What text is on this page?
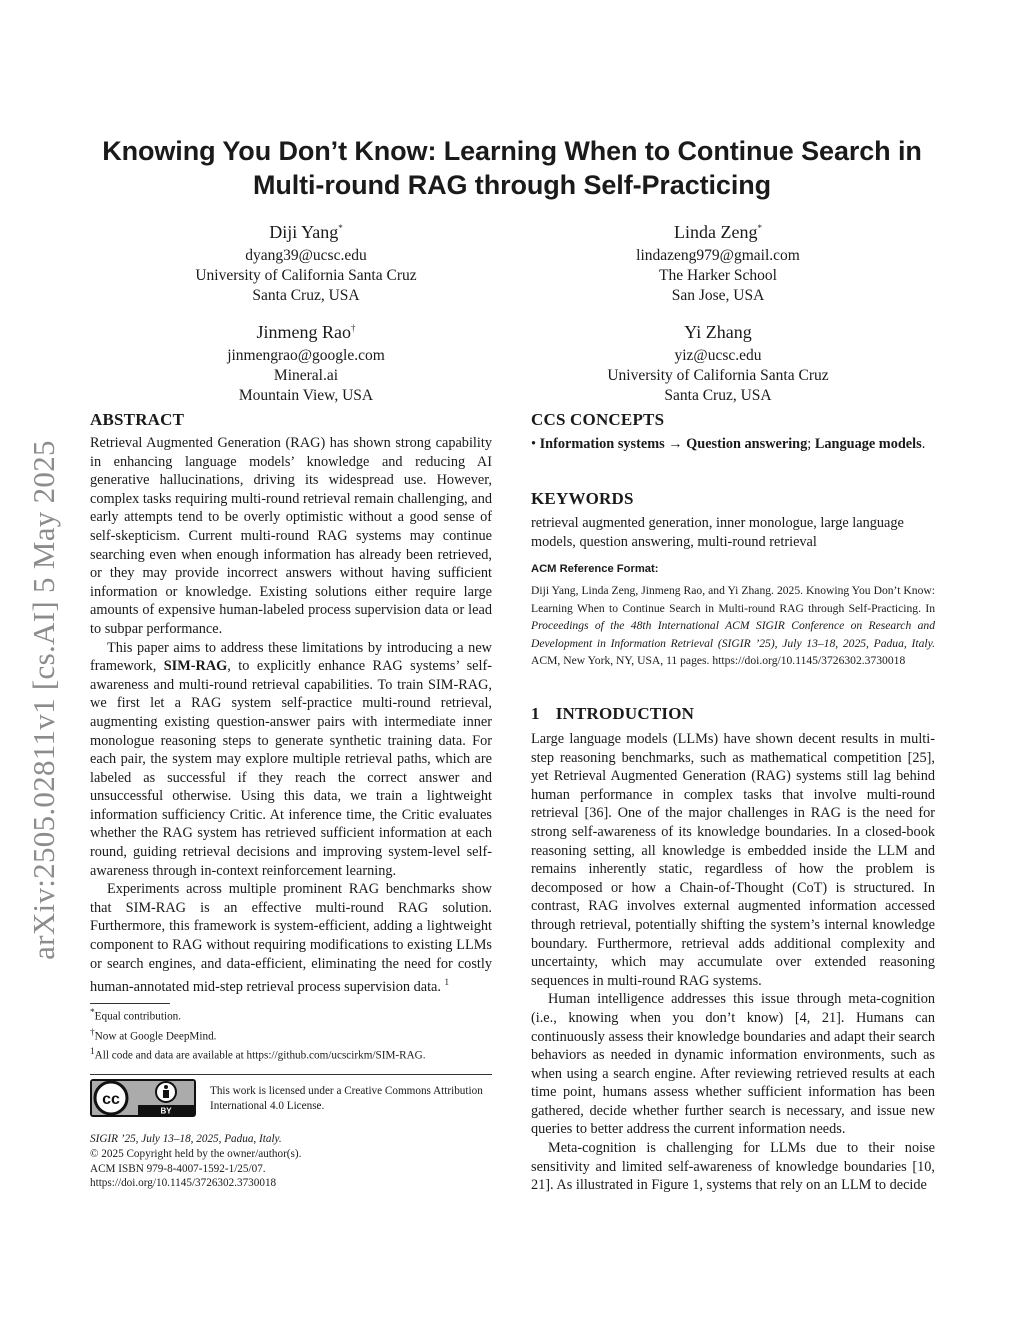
arXiv:2505.02811v1 [cs.AI] 5 May 2025
Knowing You Don’t Know: Learning When to Continue Search in Multi-round RAG through Self-Practicing
Diji Yang*
dyang39@ucsc.edu
University of California Santa Cruz
Santa Cruz, USA
Linda Zeng*
lindazeng979@gmail.com
The Harker School
San Jose, USA
Jinmeng Rao†
jinmengrao@google.com
Mineral.ai
Mountain View, USA
Yi Zhang
yiz@ucsc.edu
University of California Santa Cruz
Santa Cruz, USA
ABSTRACT

Retrieval Augmented Generation (RAG) has shown strong capability in enhancing language models’ knowledge and reducing AI generative hallucinations, driving its widespread use. However, complex tasks requiring multi-round retrieval remain challenging, and early attempts tend to be overly optimistic without a good sense of self-skepticism. Current multi-round RAG systems may continue searching even when enough information has already been retrieved, or they may provide incorrect answers without having sufficient information or knowledge. Existing solutions either require large amounts of expensive human-labeled process supervision data or lead to subpar performance.

This paper aims to address these limitations by introducing a new framework, SIM-RAG, to explicitly enhance RAG systems’ self-awareness and multi-round retrieval capabilities. To train SIM-RAG, we first let a RAG system self-practice multi-round retrieval, augmenting existing question-answer pairs with intermediate inner monologue reasoning steps to generate synthetic training data. For each pair, the system may explore multiple retrieval paths, which are labeled as successful if they reach the correct answer and unsuccessful otherwise. Using this data, we train a lightweight information sufficiency Critic. At inference time, the Critic evaluates whether the RAG system has retrieved sufficient information at each round, guiding retrieval decisions and improving system-level self-awareness through in-context reinforcement learning.

Experiments across multiple prominent RAG benchmarks show that SIM-RAG is an effective multi-round RAG solution. Furthermore, this framework is system-efficient, adding a lightweight component to RAG without requiring modifications to existing LLMs or search engines, and data-efficient, eliminating the need for costly human-annotated mid-step retrieval process supervision data. $^1$

*Equal contribution.
†Now at Google DeepMind.
$^1$All code and data are available at https://github.com/ucscirkm/SIM-RAG.
cc
BY
This work is licensed under a Creative Commons Attribution International 4.0 License.
SIGIR ’25, July 13–18, 2025, Padua, Italy.
© 2025 Copyright held by the owner/author(s).
ACM ISBN 979-8-4007-1592-1/25/07.
https://doi.org/10.1145/3726302.3730018
CCS CONCEPTS

• Information systems → Question answering; Language models.

KEYWORDS
retrieval augmented generation, inner monologue, large language models, question answering, multi-round retrieval
ACM Reference Format:
Diji Yang, Linda Zeng, Jinmeng Rao, and Yi Zhang. 2025. Knowing You Don’t Know: Learning When to Continue Search in Multi-round RAG through Self-Practicing. In Proceedings of the 48th International ACM SIGIR Conference on Research and Development in Information Retrieval (SIGIR ’25), July 13–18, 2025, Padua, Italy. ACM, New York, NY, USA, 11 pages. https://doi.org/10.1145/3726302.3730018
1 INTRODUCTION

Large language models (LLMs) have shown decent results in multi-step reasoning benchmarks, such as mathematical competition [25], yet Retrieval Augmented Generation (RAG) systems still lag behind human performance in complex tasks that involve multi-round retrieval [36]. One of the major challenges in RAG is the need for strong self-awareness of its knowledge boundaries. In a closed-book reasoning setting, all knowledge is embedded inside the LLM and remains inherently static, regardless of how the problem is decomposed or how a Chain-of-Thought (CoT) is structured. In contrast, RAG involves external augmented information accessed through retrieval, potentially shifting the system’s internal knowledge boundary. Furthermore, retrieval adds additional complexity and uncertainty, which may accumulate over extended reasoning sequences in multi-round RAG systems.

Human intelligence addresses this issue through meta-cognition (i.e., knowing when you don’t know) [4, 21]. Humans can continuously assess their knowledge boundaries and adapt their search behaviors as needed in dynamic information environments, such as when using a search engine. After reviewing retrieved results at each time point, humans assess whether sufficient information has been gathered, decide whether further search is necessary, and issue new queries to better address the current information needs.

Meta-cognition is challenging for LLMs due to their noise sensitivity and limited self-awareness of knowledge boundaries [10, 21]. As illustrated in Figure 1, systems that rely on an LLM to decide
